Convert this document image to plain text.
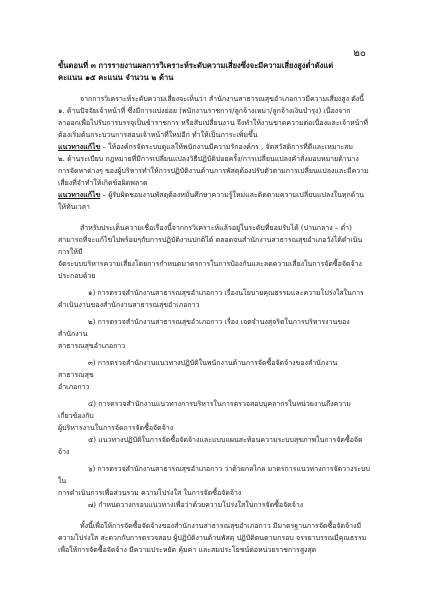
๒๐
ขั้นตอนที่ ๓ การรายงานผลการวิเคราะห์ระดับความเสี่ยงซึ่งจะมีความเสี่ยงสูงต่ำดังแต่
คะแนน ๑๕ คะแนน จำนวน ๒ ด้าน

จากการวิเคราะห์ระดับความเสี่ยงจะเห็นว่า สำนักงานสาธารณสุขอำเภอกาวมีความเสี่ยงสูง ดังนี้

๑. ด้านปัจจัยเจ้าหน้าที่ ซึ่งมีการแบ่งย่อย (พนักงานราชการ/ลูกจ้างเหมา/ลูกจ้างเงินบำรุง) เนื่องจาก

ลาออกเพื่อไปรับการบรรจุเป็นข้าราชการ หรือสับเปลี่ยนงาน จึงทำให้งานขาดความต่อเนื่องและเจ้าหน้าที่

ต้องเริ่มต้นกระบวนการสอนเจ้าหน้าที่ใหม่อีก ทำให้เป็นภาระเพิ่มขึ้น

แนวทางแก้ไข – ให้องค์กรจัดระบบดูแลให้พนักงานมีความรักองค์กร , จัดสวัสดิการที่ดีและเหมาะสม

๒. ด้านระเบียบ กฎหมายที่มีการเปลี่ยนแปลงวิธีปฏิบัติบ่อยครั้ง/การเปลี่ยนแปลงคำสั่งมอบหมายด้านาง

การจัดหาต่างๆ ของผู้บริหารทำให้การปฏิบัติงานด้านการพัสดุต้องปรับตัวตามการเปลี่ยนแปลงและมีความ

เสี่ยงที่จำทำให้เกิดข้อผิดพลาด

แนวทางแก้ไข – ผู้รับผิดชอบงานพัสดุต้องหมั่นศึกษาความรู้ใหม่และติดตามความเปลี่ยนแปลงในทุกด้าน

ให้ทันเวลา

สำหรับประเด็นความเชื่อเรื่องนี้จากกรวิเคราะห์แล้วอยู่ในระดับที่ยอมรับได้ (ปานกลาง – ต่ำ)

สามารถที่จะแก้ไขไปพร้อมๆกับการปฏิบัติงานปกติได้ ตลอดจนสำนักงานสาธารณสุขอำเภอวังได้ดำเนินการให้มี

จัดระบบบริหารความเสี่ยงโดยการกำหนดมาตรการในการป้องกันและลดความเสี่ยงในการจัดซื้อจัดจ้าง

ประกอบด้วย

๑) การตรวจสำนักงานสาธารณสุขอำเภอกาว เรื่องนโยบายคุณธรรมและความโปร่งใสในการ

ดำเนินงานของสำนักงานสาธารณสุขอำเภอกาว

๒) การตรวจสำนักงานสาธารณสุขอำเภอกาว เรื่อง เจตจำนงสุจริตในการบริหารงานของสำนักงาน

สาธารณสุขอำเภอกาว

๓) การตรวจสำนักงานแนวทางปฏิบัติในพนักงานด้านการจัดซื้อจัดจ้างของสำนักงานสาธารณสุข

อำเภอกาว

๔) การตรวจสำนักงานแนวทางการบริหารในการตรวจสอบบุคลากรในหน่วยงานถึงความเกี่ยวข้องกับ

ผู้บริหารงานในการจัดการจัดซื้อจัดจ้าง

๕) แนวทางปฏิบัติในการจัดซื้อจัดจ้างและแบบแผนสะท้อนความระบบสุขภาพในการจัดซื้อจัดจ้าง

๖) การตรวจสำนักงานสาธารณสุขอำเภอกาว ว่าด้วยกลไกล มาตรการแนวทางการจัดวางระบบใน

การดำเนินการเพื่อส่วนรวม ความโปร่งใส ในการจัดซื้อจัดจ้าง

๗) กำหนดวางกรอบแนวทางเพื่อว่าด้วยความโปร่งใสในการจัดซื้อจัดจ้าง

ทั้งนี้เพื่อให้การจัดซื้อจัดจ้างของสำนักงานสาธารณสุขอำเภอกาว มีมาตรฐานการจัดซื้อจัดจ้างมี

ความโปร่งใส สะดวกกับการตรวจสอบ ผู้ปฏิบัติงานด้านพัสดุ ปฏิบัติตนตามกรอบ จรรยาบรรณมีคุณธรรม

เพื่อให้การจัดซื้อจัดจ้าง มีความประหยัด คุ้มค่า และสมประโยชน์ต่อหน่วยราชการสูงสุด
